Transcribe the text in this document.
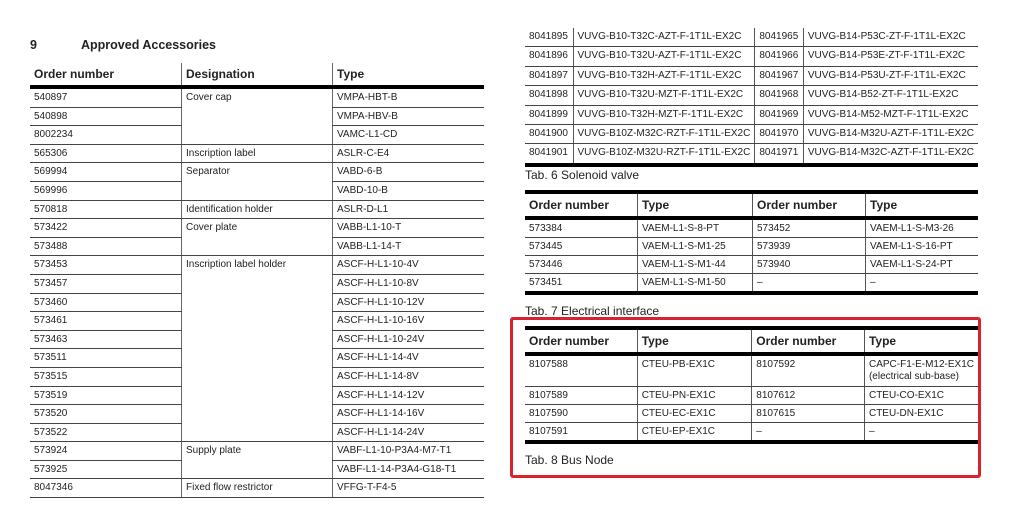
9	Approved Accessories
Order number	Designation	Type
540897	Cover cap	VMPA-HBT-B
540898		VMPA-HBV-B
8002234		VAMC-L1-CD
565306	Inscription label	ASLR-C-E4
569994	Separator	VABD-6-B
569996		VABD-10-B
570818	Identification holder	ASLR-D-L1
573422	Cover plate	VABB-L1-10-T
573488		VABB-L1-14-T
573453	Inscription label holder	ASCF-H-L1-10-4V
573457		ASCF-H-L1-10-8V
573460		ASCF-H-L1-10-12V
573461		ASCF-H-L1-10-16V
573463		ASCF-H-L1-10-24V
573511		ASCF-H-L1-14-4V
573515		ASCF-H-L1-14-8V
573519		ASCF-H-L1-14-12V
573520		ASCF-H-L1-14-16V
573522		ASCF-H-L1-14-24V
573924	Supply plate	VABF-L1-10-P3A4-M7-T1
573925		VABF-L1-14-P3A4-G18-T1
8047346	Fixed flow restrictor	VFFG-T-F4-5
8041895	VUVG-B10-T32C-AZT-F-1T1L-EX2C	8041965	VUVG-B14-P53C-ZT-F-1T1L-EX2C
8041896	VUVG-B10-T32U-AZT-F-1T1L-EX2C	8041966	VUVG-B14-P53E-ZT-F-1T1L-EX2C
8041897	VUVG-B10-T32H-AZT-F-1T1L-EX2C	8041967	VUVG-B14-P53U-ZT-F-1T1L-EX2C
8041898	VUVG-B10-T32U-MZT-F-1T1L-EX2C	8041968	VUVG-B14-B52-ZT-F-1T1L-EX2C
8041899	VUVG-B10-T32H-MZT-F-1T1L-EX2C	8041969	VUVG-B14-M52-MZT-F-1T1L-EX2C
8041900	VUVG-B10Z-M32C-RZT-F-1T1L-EX2C	8041970	VUVG-B14-M32U-AZT-F-1T1L-EX2C
8041901	VUVG-B10Z-M32U-RZT-F-1T1L-EX2C	8041971	VUVG-B14-M32C-AZT-F-1T1L-EX2C
Tab. 6 Solenoid valve
Order number	Type	Order number	Type
573384	VAEM-L1-S-8-PT	573452	VAEM-L1-S-M3-26
573445	VAEM-L1-S-M1-25	573939	VAEM-L1-S-16-PT
573446	VAEM-L1-S-M1-44	573940	VAEM-L1-S-24-PT
573451	VAEM-L1-S-M1-50	–	–
Tab. 7 Electrical interface
Order number	Type	Order number	Type
8107588	CTEU-PB-EX1C	8107592	CAPC-F1-E-M12-EX1C
(electrical sub-base)

8107589	CTEU-PN-EX1C	8107612	CTEU-CO-EX1C
8107590	CTEU-EC-EX1C	8107615	CTEU-DN-EX1C
8107591	CTEU-EP-EX1C	–	–
Tab. 8 Bus Node
